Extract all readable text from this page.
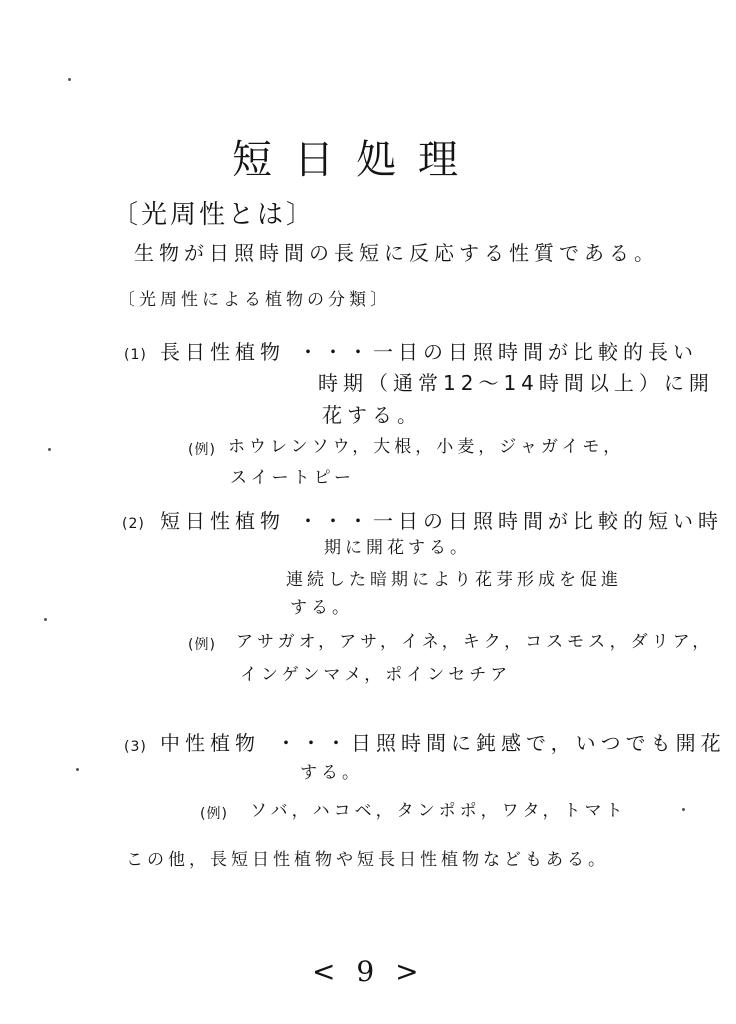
短日処理
〔光周性とは〕
生物が日照時間の長短に反応する性質である。
〔光周性による植物の分類〕
(1) 長日性植物 ・・・一日の日照時間が比較的長い
時期（通常12～14時間以上）に開
花する。
(例) ホウレンソウ，大根，小麦，ジャガイモ，
スイートピー
(2) 短日性植物 ・・・一日の日照時間が比較的短い時
期に開花する。
連続した暗期により花芽形成を促進
する。
(例) アサガオ，アサ，イネ，キク，コスモス，ダリア，
インゲンマメ，ポインセチア
(3) 中性植物 ・・・日照時間に鈍感で，いつでも開花
する。
(例) ソバ，ハコベ，タンポポ，ワタ，トマト
この他，長短日性植物や短長日性植物などもある。
< 9 >
